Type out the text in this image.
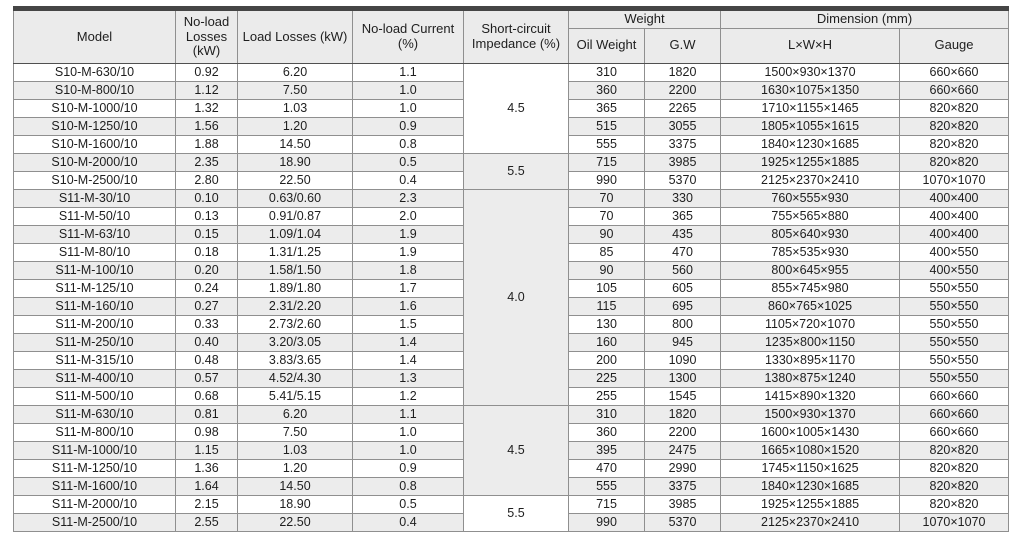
Model	No-load Losses (kW)	Load Losses (kW)	No-load Current (%)	Short-circuit Impedance (%)	Weight		Dimension (mm)	
					Oil Weight	G.W	L×W×H	Gauge
S10-M-630/10	0.92	6.20	1.1	4.5	310	1820	1500×930×1370	660×660
S10-M-800/10	1.12	7.50	1.0		360	2200	1630×1075×1350	660×660
S10-M-1000/10	1.32	1.03	1.0		365	2265	1710×1155×1465	820×820
S10-M-1250/10	1.56	1.20	0.9		515	3055	1805×1055×1615	820×820
S10-M-1600/10	1.88	14.50	0.8		555	3375	1840×1230×1685	820×820
S10-M-2000/10	2.35	18.90	0.5	5.5	715	3985	1925×1255×1885	820×820
S10-M-2500/10	2.80	22.50	0.4		990	5370	2125×2370×2410	1070×1070
S11-M-30/10	0.10	0.63/0.60	2.3	4.0	70	330	760×555×930	400×400
S11-M-50/10	0.13	0.91/0.87	2.0		70	365	755×565×880	400×400
S11-M-63/10	0.15	1.09/1.04	1.9		90	435	805×640×930	400×400
S11-M-80/10	0.18	1.31/1.25	1.9		85	470	785×535×930	400×550
S11-M-100/10	0.20	1.58/1.50	1.8		90	560	800×645×955	400×550
S11-M-125/10	0.24	1.89/1.80	1.7		105	605	855×745×980	550×550
S11-M-160/10	0.27	2.31/2.20	1.6		115	695	860×765×1025	550×550
S11-M-200/10	0.33	2.73/2.60	1.5		130	800	1105×720×1070	550×550
S11-M-250/10	0.40	3.20/3.05	1.4		160	945	1235×800×1150	550×550
S11-M-315/10	0.48	3.83/3.65	1.4		200	1090	1330×895×1170	550×550
S11-M-400/10	0.57	4.52/4.30	1.3		225	1300	1380×875×1240	550×550
S11-M-500/10	0.68	5.41/5.15	1.2		255	1545	1415×890×1320	660×660
S11-M-630/10	0.81	6.20	1.1	4.5	310	1820	1500×930×1370	660×660
S11-M-800/10	0.98	7.50	1.0		360	2200	1600×1005×1430	660×660
S11-M-1000/10	1.15	1.03	1.0		395	2475	1665×1080×1520	820×820
S11-M-1250/10	1.36	1.20	0.9		470	2990	1745×1150×1625	820×820
S11-M-1600/10	1.64	14.50	0.8		555	3375	1840×1230×1685	820×820
S11-M-2000/10	2.15	18.90	0.5	5.5	715	3985	1925×1255×1885	820×820
S11-M-2500/10	2.55	22.50	0.4		990	5370	2125×2370×2410	1070×1070
